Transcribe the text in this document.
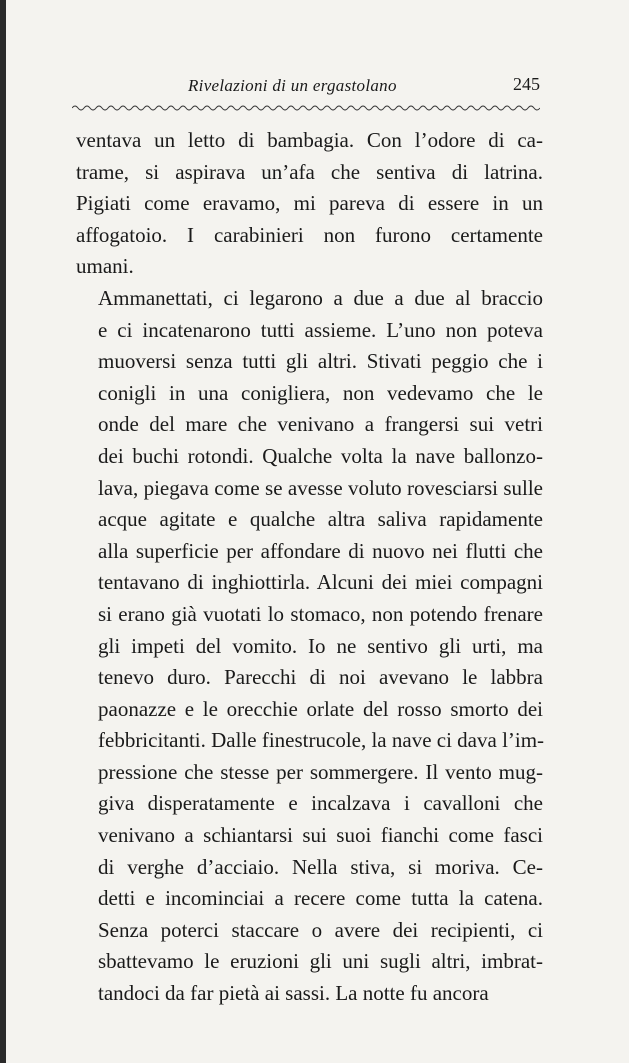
Rivelazioni di un ergastolano	245

ventava un letto di bambagia. Con l’odore di ca-
trame, si aspirava un’afa che sentiva di latrina.
Pigiati come eravamo, mi pareva di essere in un
affogatoio. I carabinieri non furono certamente
umani.

Ammanettati, ci legarono a due a due al braccio
e ci incatenarono tutti assieme. L’uno non poteva
muoversi senza tutti gli altri. Stivati peggio che i
conigli in una conigliera, non vedevamo che le
onde del mare che venivano a frangersi sui vetri
dei buchi rotondi. Qualche volta la nave ballonzo-
lava, piegava come se avesse voluto rovesciarsi sulle
acque agitate e qualche altra saliva rapidamente
alla superficie per affondare di nuovo nei flutti che
tentavano di inghiottirla. Alcuni dei miei compagni
si erano già vuotati lo stomaco, non potendo frenare
gli impeti del vomito. Io ne sentivo gli urti, ma
tenevo duro. Parecchi di noi avevano le labbra
paonazze e le orecchie orlate del rosso smorto dei
febbricitanti. Dalle finestrucole, la nave ci dava l’im-
pressione che stesse per sommergere. Il vento mug-
giva disperatamente e incalzava i cavalloni che
venivano a schiantarsi sui suoi fianchi come fasci
di verghe d’acciaio. Nella stiva, si moriva. Ce-
detti e incominciai a recere come tutta la catena.
Senza poterci staccare o avere dei recipienti, ci
sbattevamo le eruzioni gli uni sugli altri, imbrat-
tandoci da far pietà ai sassi. La notte fu ancora
